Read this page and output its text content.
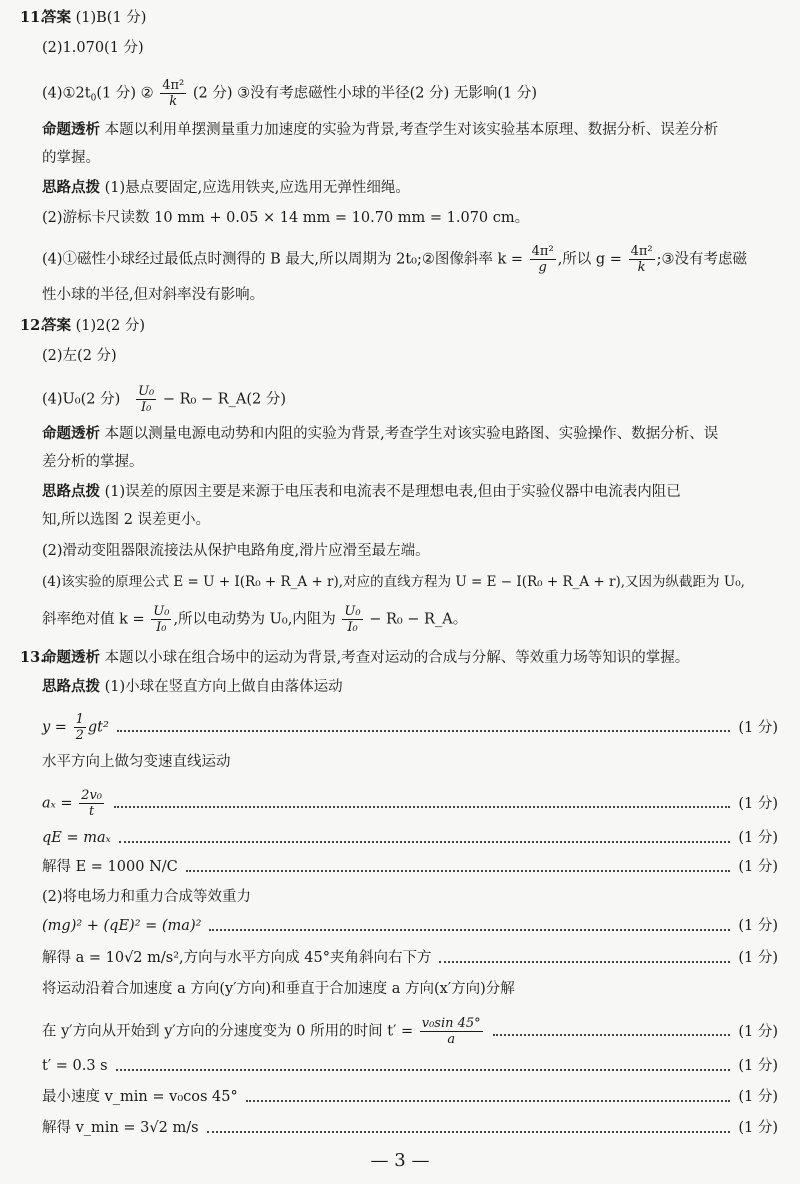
11.
答案 (1)B(1 分)
(2)1.070(1 分)
$(4)①2t_0(1$ 分) ② $\frac{\text{4π²}}{k} (2$ 分) ③没有考虑磁性小球的半径(2 分) 无影响(1 分)
命题透析 本题以利用单摆测量重力加速度的实验为背景,考查学生对该实验基本原理、数据分析、误差分析
的掌握。
思路点拨 (1)悬点要固定,应选用铁夹,应选用无弹性细绳。
(2)游标卡尺读数 10 mm + 0.05 × 14 mm = 10.70 mm = 1.070 cm。
(4)①磁性小球经过最低点时测得的 B 最大,所以周期为 2t₀;②图像斜率 $k = \frac{\text{4π²}}{g}$ ,所以 $g = \frac{\text{4π²}}{k}$ ;③没有考虑磁
性小球的半径,但对斜率没有影响。
12.
答案 (1)2(2 分)
(2)左(2 分)
(4)U₀(2 分) $\frac{\text{U₀}}{\text{I₀}} - R_0$ − R_A(2 分)
命题透析 本题以测量电源电动势和内阻的实验为背景,考查学生对该实验电路图、实验操作、数据分析、误
差分析的掌握。
思路点拨 (1)误差的原因主要是来源于电压表和电流表不是理想电表,但由于实验仪器中电流表内阻已
知,所以选图 2 误差更小。
(2)滑动变阻器限流接法从保护电路角度,滑片应滑至最左端。
(4)该实验的原理公式 E = U + I(R₀ + R_A + r),对应的直线方程为 U = E − I(R₀ + R_A + r),又因为纵截距为 U₀,
斜率绝对值 $k = \frac{\text{U₀}}{\text{I₀}}$ ,所以电动势为 U₀,内阻为 $\frac{\text{U₀}}{\text{I₀}} - R_0$ − R_A。
13.
命题透析 本题以小球在组合场中的运动为背景,考查对运动的合成与分解、等效重力场等知识的掌握。
思路点拨 (1)小球在竖直方向上做自由落体运动
$y = \frac{1}{2} gt^2$	(1 分)
水平方向上做匀变速直线运动
$a_x = \frac{\text{2v₀}}{t}$	(1 分)
qE = maₓ	(1 分)
解得 E = 1000 N/C	(1 分)
(2)将电场力和重力合成等效重力
(mg)² + (qE)² = (ma)²	(1 分)
解得 a = 10√2 m/s²,方向与水平方向成 45°夹角斜向右下方	(1 分)
将运动沿着合加速度 a 方向(y′方向)和垂直于合加速度 a 方向(x′方向)分解
在 y′方向从开始到 y′方向的分速度变为 0 所用的时间 $t' = \frac{\text{v₀sin 45°}}{a}$	(1 分)
t′ = 0.3 s	(1 分)
最小速度 v_min = v₀cos 45°	(1 分)
解得 v_min = 3√2 m/s	(1 分)
— 3 —
